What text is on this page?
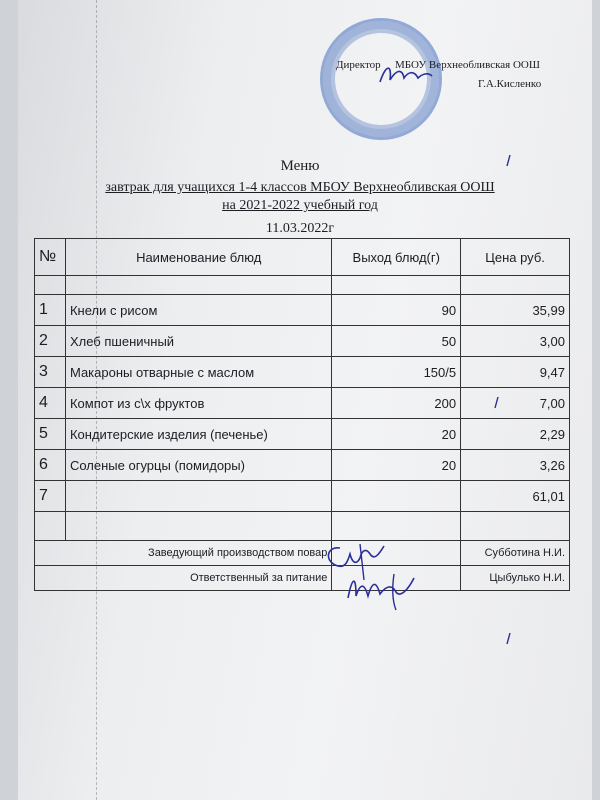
Директор МБОУ Верхнеобливская ООШ
Г.А.Кисленко
Меню
завтрак для учащихся 1-4 классов МБОУ Верхнеобливская ООШ
на 2021-2022 учебный год
11.03.2022г
№	Наименование блюд	Выход блюд(г)	Цена руб.

1	Кнели с рисом	90	35,99
2	Хлеб пшеничный	50	3,00
3	Макароны отварные с маслом	150/5	9,47
4	Компот из с\х фруктов	200	7,00
5	Кондитерские изделия (печенье)	20	2,29
6	Соленые огурцы (помидоры)	20	3,26
7			61,01

Заведующий производством повар			Субботина Н.И.
Ответственный за питание			Цыбулько Н.И.
